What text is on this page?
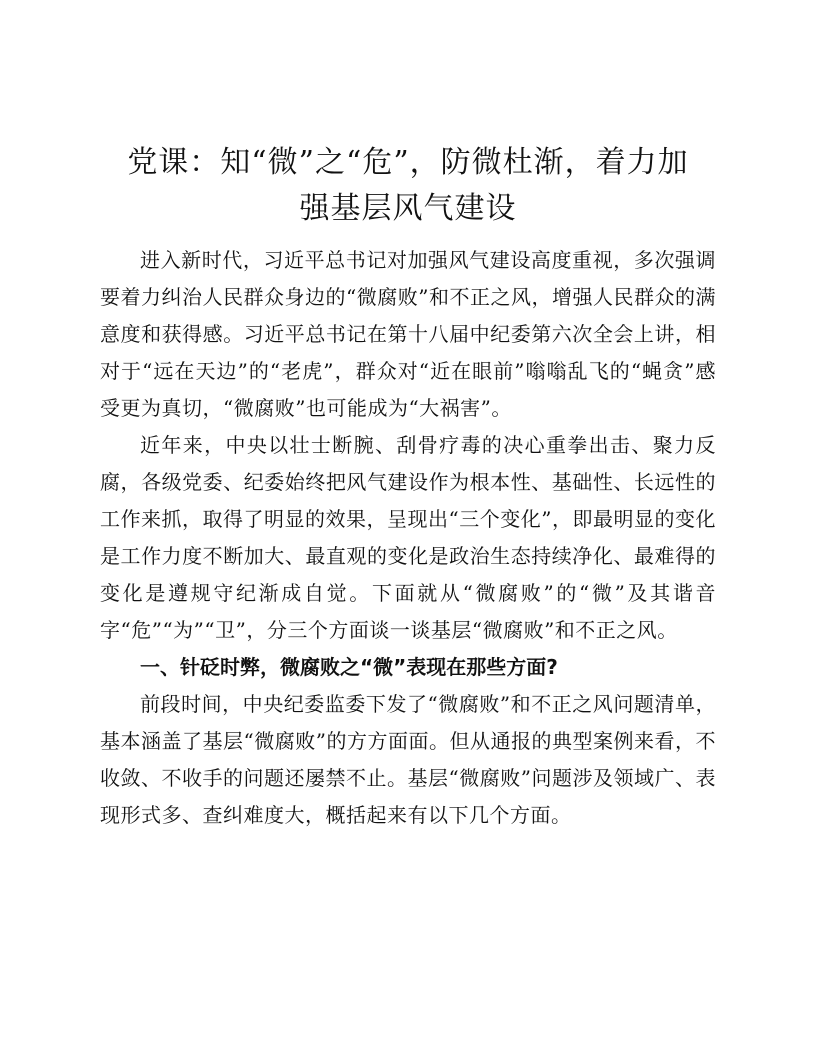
党课：知“微”之“危”，防微杜渐，着力加
强基层风气建设

进入新时代，习近平总书记对加强风气建设高度重视，多次强调要着力纠治人民群众身边的“微腐败”和不正之风，增强人民群众的满意度和获得感。习近平总书记在第十八届中纪委第六次全会上讲，相对于“远在天边”的“老虎”，群众对“近在眼前”嗡嗡乱飞的“蝇贪”感受更为真切，“微腐败”也可能成为“大祸害”。

近年来，中央以壮士断腕、刮骨疗毒的决心重拳出击、聚力反腐，各级党委、纪委始终把风气建设作为根本性、基础性、长远性的工作来抓，取得了明显的效果，呈现出“三个变化”，即最明显的变化是工作力度不断加大、最直观的变化是政治生态持续净化、最难得的变化是遵规守纪渐成自觉。下面就从“微腐败”的“微”及其谐音字“危”“为”“卫”，分三个方面谈一谈基层“微腐败”和不正之风。

一、针砭时弊，微腐败之“微”表现在那些方面?

前段时间，中央纪委监委下发了“微腐败”和不正之风问题清单，基本涵盖了基层“微腐败”的方方面面。但从通报的典型案例来看，不收敛、不收手的问题还屡禁不止。基层“微腐败”问题涉及领域广、表现形式多、查纠难度大，概括起来有以下几个方面。
